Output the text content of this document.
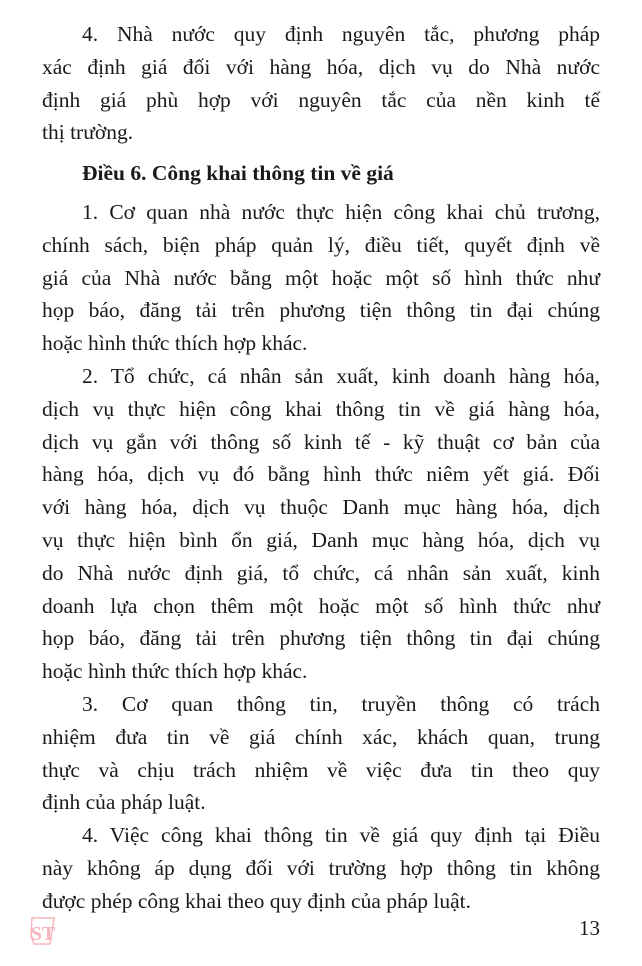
4. Nhà nước quy định nguyên tắc, phương pháp
xác định giá đối với hàng hóa, dịch vụ do Nhà nước
định giá phù hợp với nguyên tắc của nền kinh tế
thị trường.
Điều 6. Công khai thông tin về giá
1. Cơ quan nhà nước thực hiện công khai chủ trương,
chính sách, biện pháp quản lý, điều tiết, quyết định về
giá của Nhà nước bằng một hoặc một số hình thức như
họp báo, đăng tải trên phương tiện thông tin đại chúng
hoặc hình thức thích hợp khác.
2. Tổ chức, cá nhân sản xuất, kinh doanh hàng hóa,
dịch vụ thực hiện công khai thông tin về giá hàng hóa,
dịch vụ gắn với thông số kinh tế - kỹ thuật cơ bản của
hàng hóa, dịch vụ đó bằng hình thức niêm yết giá. Đối
với hàng hóa, dịch vụ thuộc Danh mục hàng hóa, dịch
vụ thực hiện bình ổn giá, Danh mục hàng hóa, dịch vụ
do Nhà nước định giá, tổ chức, cá nhân sản xuất, kinh
doanh lựa chọn thêm một hoặc một số hình thức như
họp báo, đăng tải trên phương tiện thông tin đại chúng
hoặc hình thức thích hợp khác.
3. Cơ quan thông tin, truyền thông có trách
nhiệm đưa tin về giá chính xác, khách quan, trung
thực và chịu trách nhiệm về việc đưa tin theo quy
định của pháp luật.
4. Việc công khai thông tin về giá quy định tại Điều
này không áp dụng đối với trường hợp thông tin không
được phép công khai theo quy định của pháp luật.
ST	13
